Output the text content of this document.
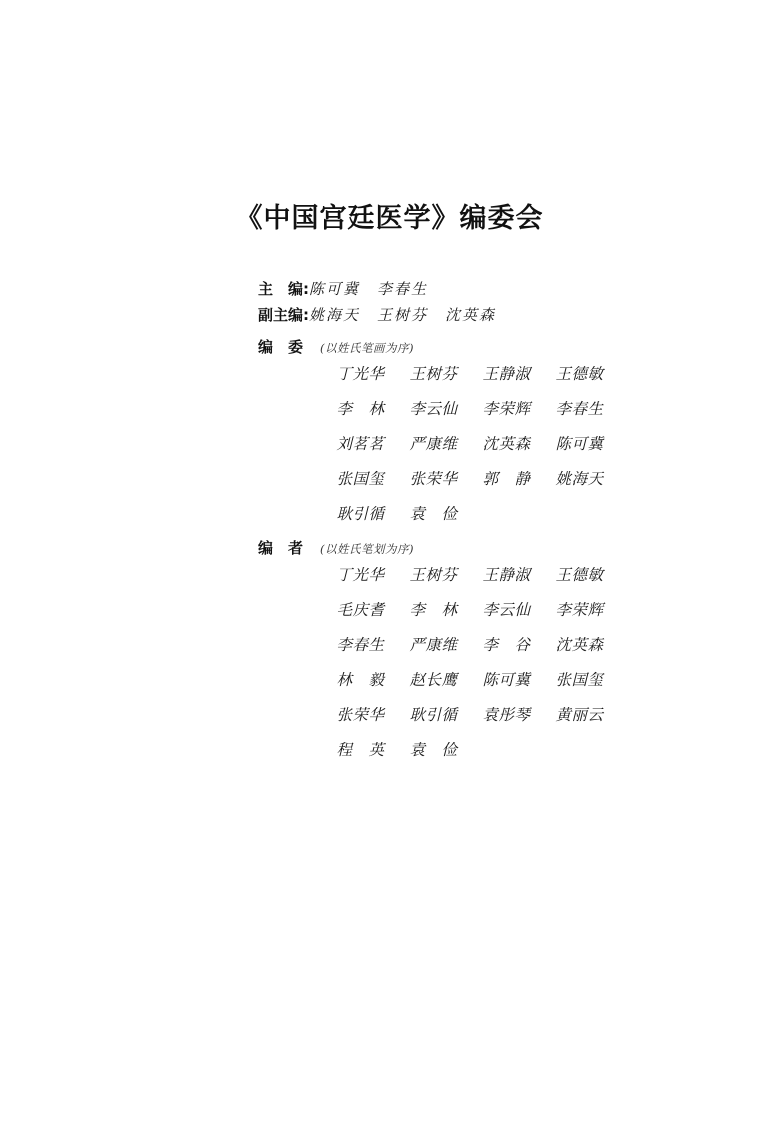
《中国宫廷医学》编委会
主　编: 陈可冀　李春生
副主编: 姚海天　王树芬　沈英森
编　委	(以姓氏笔画为序)
丁光华	王树芬	王静淑	王德敏
李　林	李云仙	李荣辉	李春生
刘茗茗	严康维	沈英森	陈可冀
张国玺	张荣华	郭　静	姚海天
耿引循	袁　俭
编　者	(以姓氏笔划为序)
丁光华	王树芬	王静淑	王德敏
毛庆耆	李　林	李云仙	李荣辉
李春生	严康维	李　谷	沈英森
林　毅	赵长鹰	陈可冀	张国玺
张荣华	耿引循	袁彤琴	黄丽云
程　英	袁　俭
